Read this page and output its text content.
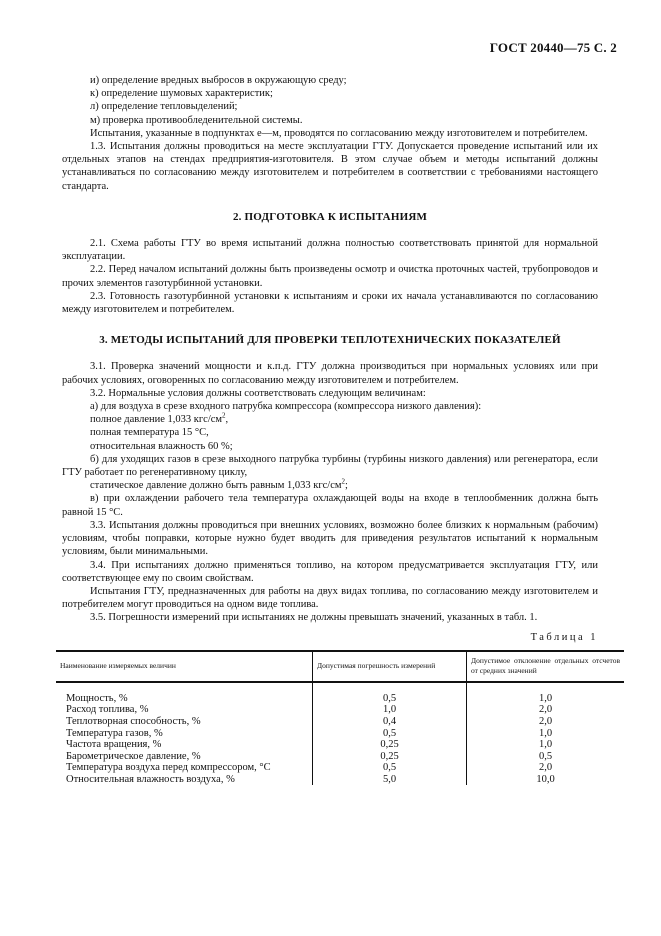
ГОСТ 20440—75 С. 2

и) определение вредных выбросов в окружающую среду;

к) определение шумовых характеристик;

л) определение тепловыделений;

м) проверка противообледенительной системы.

Испытания, указанные в подпунктах е—м, проводятся по согласованию между изготовителем и потребителем.

1.3. Испытания должны проводиться на месте эксплуатации ГТУ. Допускается проведение испытаний или их отдельных этапов на стендах предприятия-изготовителя. В этом случае объем и методы испытаний должны устанавливаться по согласованию между изготовителем и потребителем в соответствии с требованиями настоящего стандарта.

2. ПОДГОТОВКА К ИСПЫТАНИЯМ

2.1. Схема работы ГТУ во время испытаний должна полностью соответствовать принятой для нормальной эксплуатации.

2.2. Перед началом испытаний должны быть произведены осмотр и очистка проточных частей, трубопроводов и прочих элементов газотурбинной установки.

2.3. Готовность газотурбинной установки к испытаниям и сроки их начала устанавливаются по согласованию между изготовителем и потребителем.

3. МЕТОДЫ ИСПЫТАНИЙ ДЛЯ ПРОВЕРКИ ТЕПЛОТЕХНИЧЕСКИХ ПОКАЗАТЕЛЕЙ

3.1. Проверка значений мощности и к.п.д. ГТУ должна производиться при нормальных условиях или при рабочих условиях, оговоренных по согласованию между изготовителем и потребителем.

3.2. Нормальные условия должны соответствовать следующим величинам:

а) для воздуха в срезе входного патрубка компрессора (компрессора низкого давления):

полное давление 1,033 кгс/$см^2$,

полная температура 15 °С,

относительная влажность 60 %;

б) для уходящих газов в срезе выходного патрубка турбины (турбины низкого давления) или регенератора, если ГТУ работает по регенеративному циклу,

статическое давление должно быть равным 1,033 кгс/$см^2$;

в) при охлаждении рабочего тела температура охлаждающей воды на входе в теплообменник должна быть равной 15 °С.

3.3. Испытания должны проводиться при внешних условиях, возможно более близких к нормальным (рабочим) условиям, чтобы поправки, которые нужно будет вводить для приведения результатов испытаний к нормальным условиям, были минимальными.

3.4. При испытаниях должно применяться топливо, на котором предусматривается эксплуатация ГТУ, или соответствующее ему по своим свойствам.

Испытания ГТУ, предназначенных для работы на двух видах топлива, по согласованию между изготовителем и потребителем могут проводиться на одном виде топлива.

3.5. Погрешности измерений при испытаниях не должны превышать значений, указанных в табл. 1.

Таблица 1
Наименование измеряемых величин	Допустимая погрешность измерений	Допустимое отклонение отдельных отсчетов от средних значений
Мощность, %	0,5	1,0
Расход топлива, %	1,0	2,0
Теплотворная способность, %	0,4	2,0
Температура газов, %	0,5	1,0
Частота вращения, %	0,25	1,0
Барометрическое давление, %	0,25	0,5
Температура воздуха перед компрессором, °С	0,5	2,0
Относительная влажность воздуха, %	5,0	10,0
